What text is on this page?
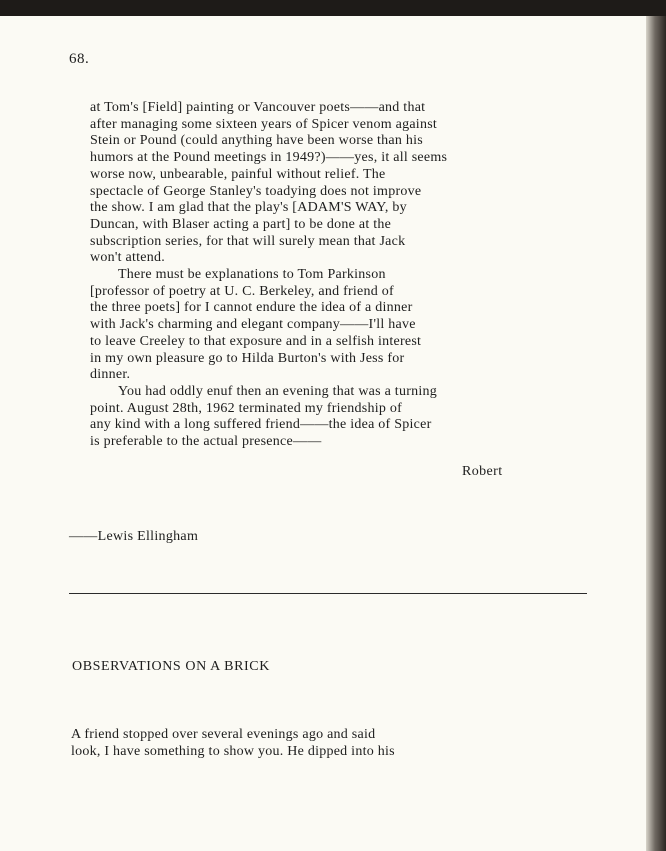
68.
at Tom's [Field] painting or Vancouver poets——and that
after managing some sixteen years of Spicer venom against
Stein or Pound (could anything have been worse than his
humors at the Pound meetings in 1949?)——yes, it all seems
worse now, unbearable, painful without relief. The
spectacle of George Stanley's toadying does not improve
the show. I am glad that the play's [ADAM'S WAY, by
Duncan, with Blaser acting a part] to be done at the
subscription series, for that will surely mean that Jack
won't attend.
There must be explanations to Tom Parkinson
[professor of poetry at U. C. Berkeley, and friend of
the three poets] for I cannot endure the idea of a dinner
with Jack's charming and elegant company——I'll have
to leave Creeley to that exposure and in a selfish interest
in my own pleasure go to Hilda Burton's with Jess for
dinner.
You had oddly enuf then an evening that was a turning
point. August 28th, 1962 terminated my friendship of
any kind with a long suffered friend——the idea of Spicer
is preferable to the actual presence——
Robert
——Lewis Ellingham
OBSERVATIONS ON A BRICK
A friend stopped over several evenings ago and said
look, I have something to show you. He dipped into his
